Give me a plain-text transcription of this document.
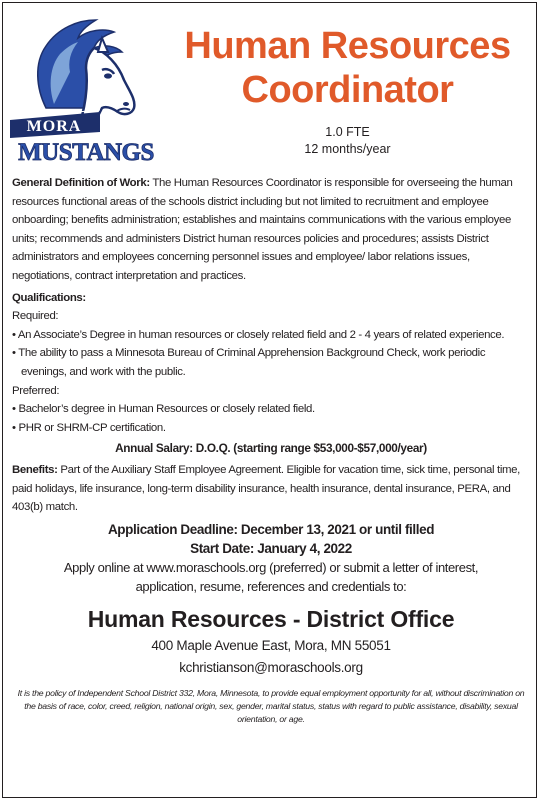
MORA
MUSTANGS
Human Resources
Coordinator
1.0 FTE
12 months/year

General Definition of Work: The Human Resources Coordinator is responsible for overseeing the human resources functional areas of the schools district including but not limited to recruitment and employee onboarding; benefits administration; establishes and maintains communications with the various employee units; recommends and administers District human resources policies and procedures; assists District administrators and employees concerning personnel issues and employee/ labor relations issues, negotiations, contract interpretation and practices.

Qualifications:

Required:

• An Associate’s Degree in human resources or closely related field and 2 - 4 years of related experience.

• The ability to pass a Minnesota Bureau of Criminal Apprehension Background Check, work periodic evenings, and work with the public.

Preferred:

• Bachelor’s degree in Human Resources or closely related field.

• PHR or SHRM-CP certification.

Annual Salary: D.O.Q. (starting range $53,000-$57,000/year)

Benefits: Part of the Auxiliary Staff Employee Agreement. Eligible for vacation time, sick time, personal time, paid holidays, life insurance, long-term disability insurance, health insurance, dental insurance, PERA, and 403(b) match.

Application Deadline: December 13, 2021 or until filled

Start Date: January 4, 2022

Apply online at www.moraschools.org (preferred) or submit a letter of interest,

application, resume, references and credentials to:

Human Resources - District Office

400 Maple Avenue East, Mora, MN 55051

kchristianson@moraschools.org

It is the policy of Independent School District 332, Mora, Minnesota, to provide equal employment opportunity for all, without discrimination on the basis of race, color, creed, religion, national origin, sex, gender, marital status, status with regard to public assistance, disability, sexual orientation, or age.
